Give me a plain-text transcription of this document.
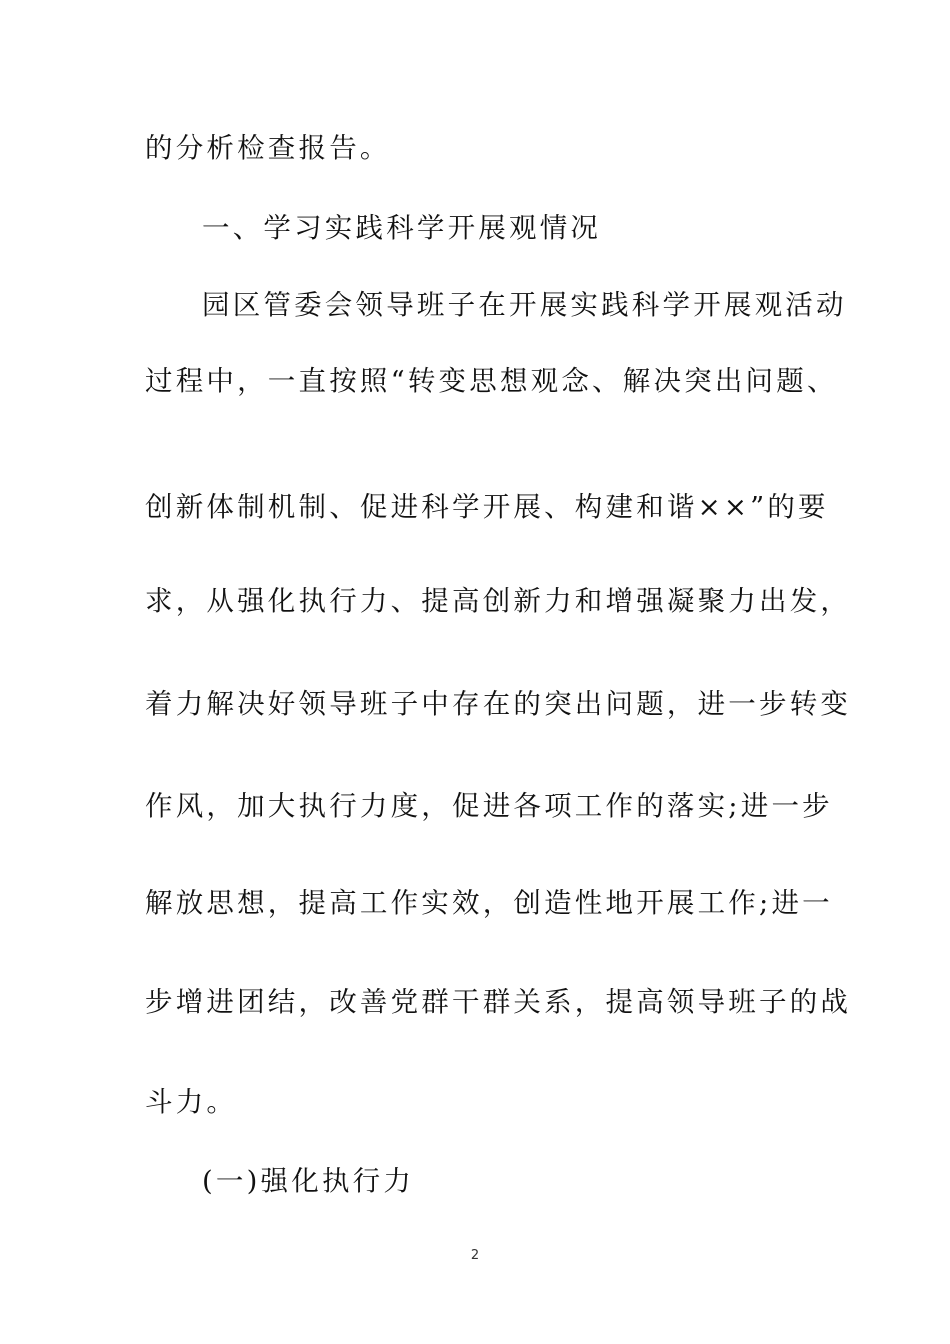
的分析检查报告。
一、学习实践科学开展观情况
园区管委会领导班子在开展实践科学开展观活动
过程中，一直按照“转变思想观念、解决突出问题、
创新体制机制、促进科学开展、构建和谐××”的要
求，从强化执行力、提高创新力和增强凝聚力出发，
着力解决好领导班子中存在的突出问题，进一步转变
作风，加大执行力度，促进各项工作的落实;进一步
解放思想，提高工作实效，创造性地开展工作;进一
步增进团结，改善党群干群关系，提高领导班子的战
斗力。
(一)强化执行力
2
